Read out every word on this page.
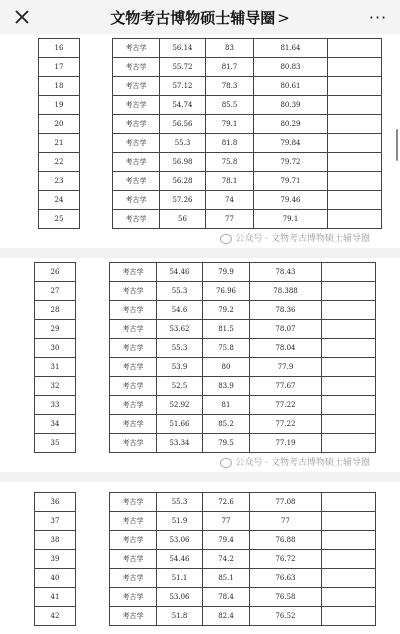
文物考古博物硕士辅导圈 >	···
16		考古学	56.14	83	81.64	
17		考古学	55.72	81.7	80.83	
18		考古学	57.12	78.3	80.61	
19		考古学	54.74	85.5	80.39	
20		考古学	56.56	79.1	80.29	
21		考古学	55.3	81.8	79.84	
22		考古学	56.98	75.8	79.72	
23		考古学	56.28	78.1	79.71	
24		考古学	57.26	74	79.46	
25		考古学	56	77	79.1	
公众号 · 文物考古博物硕士辅导圈
26		考古学	54.46	79.9	78.43	
27		考古学	55.3	76.96	78.388	
28		考古学	54.6	79.2	78.36	
29		考古学	53.62	81.5	78.07	
30		考古学	55.3	75.8	78.04	
31		考古学	53.9	80	77.9	
32		考古学	52.5	83.9	77.67	
33		考古学	52.92	81	77.22	
34		考古学	51.66	85.2	77.22	
35		考古学	53.34	79.5	77.19	
公众号 · 文物考古博物硕士辅导圈
36		考古学	55.3	72.6	77.08	
37		考古学	51.9	77	77	
38		考古学	53.06	79.4	76.88	
39		考古学	54.46	74.2	76.72	
40		考古学	51.1	85.1	76.63	
41		考古学	53.06	78.4	76.58	
42		考古学	51.8	82.4	76.52	
